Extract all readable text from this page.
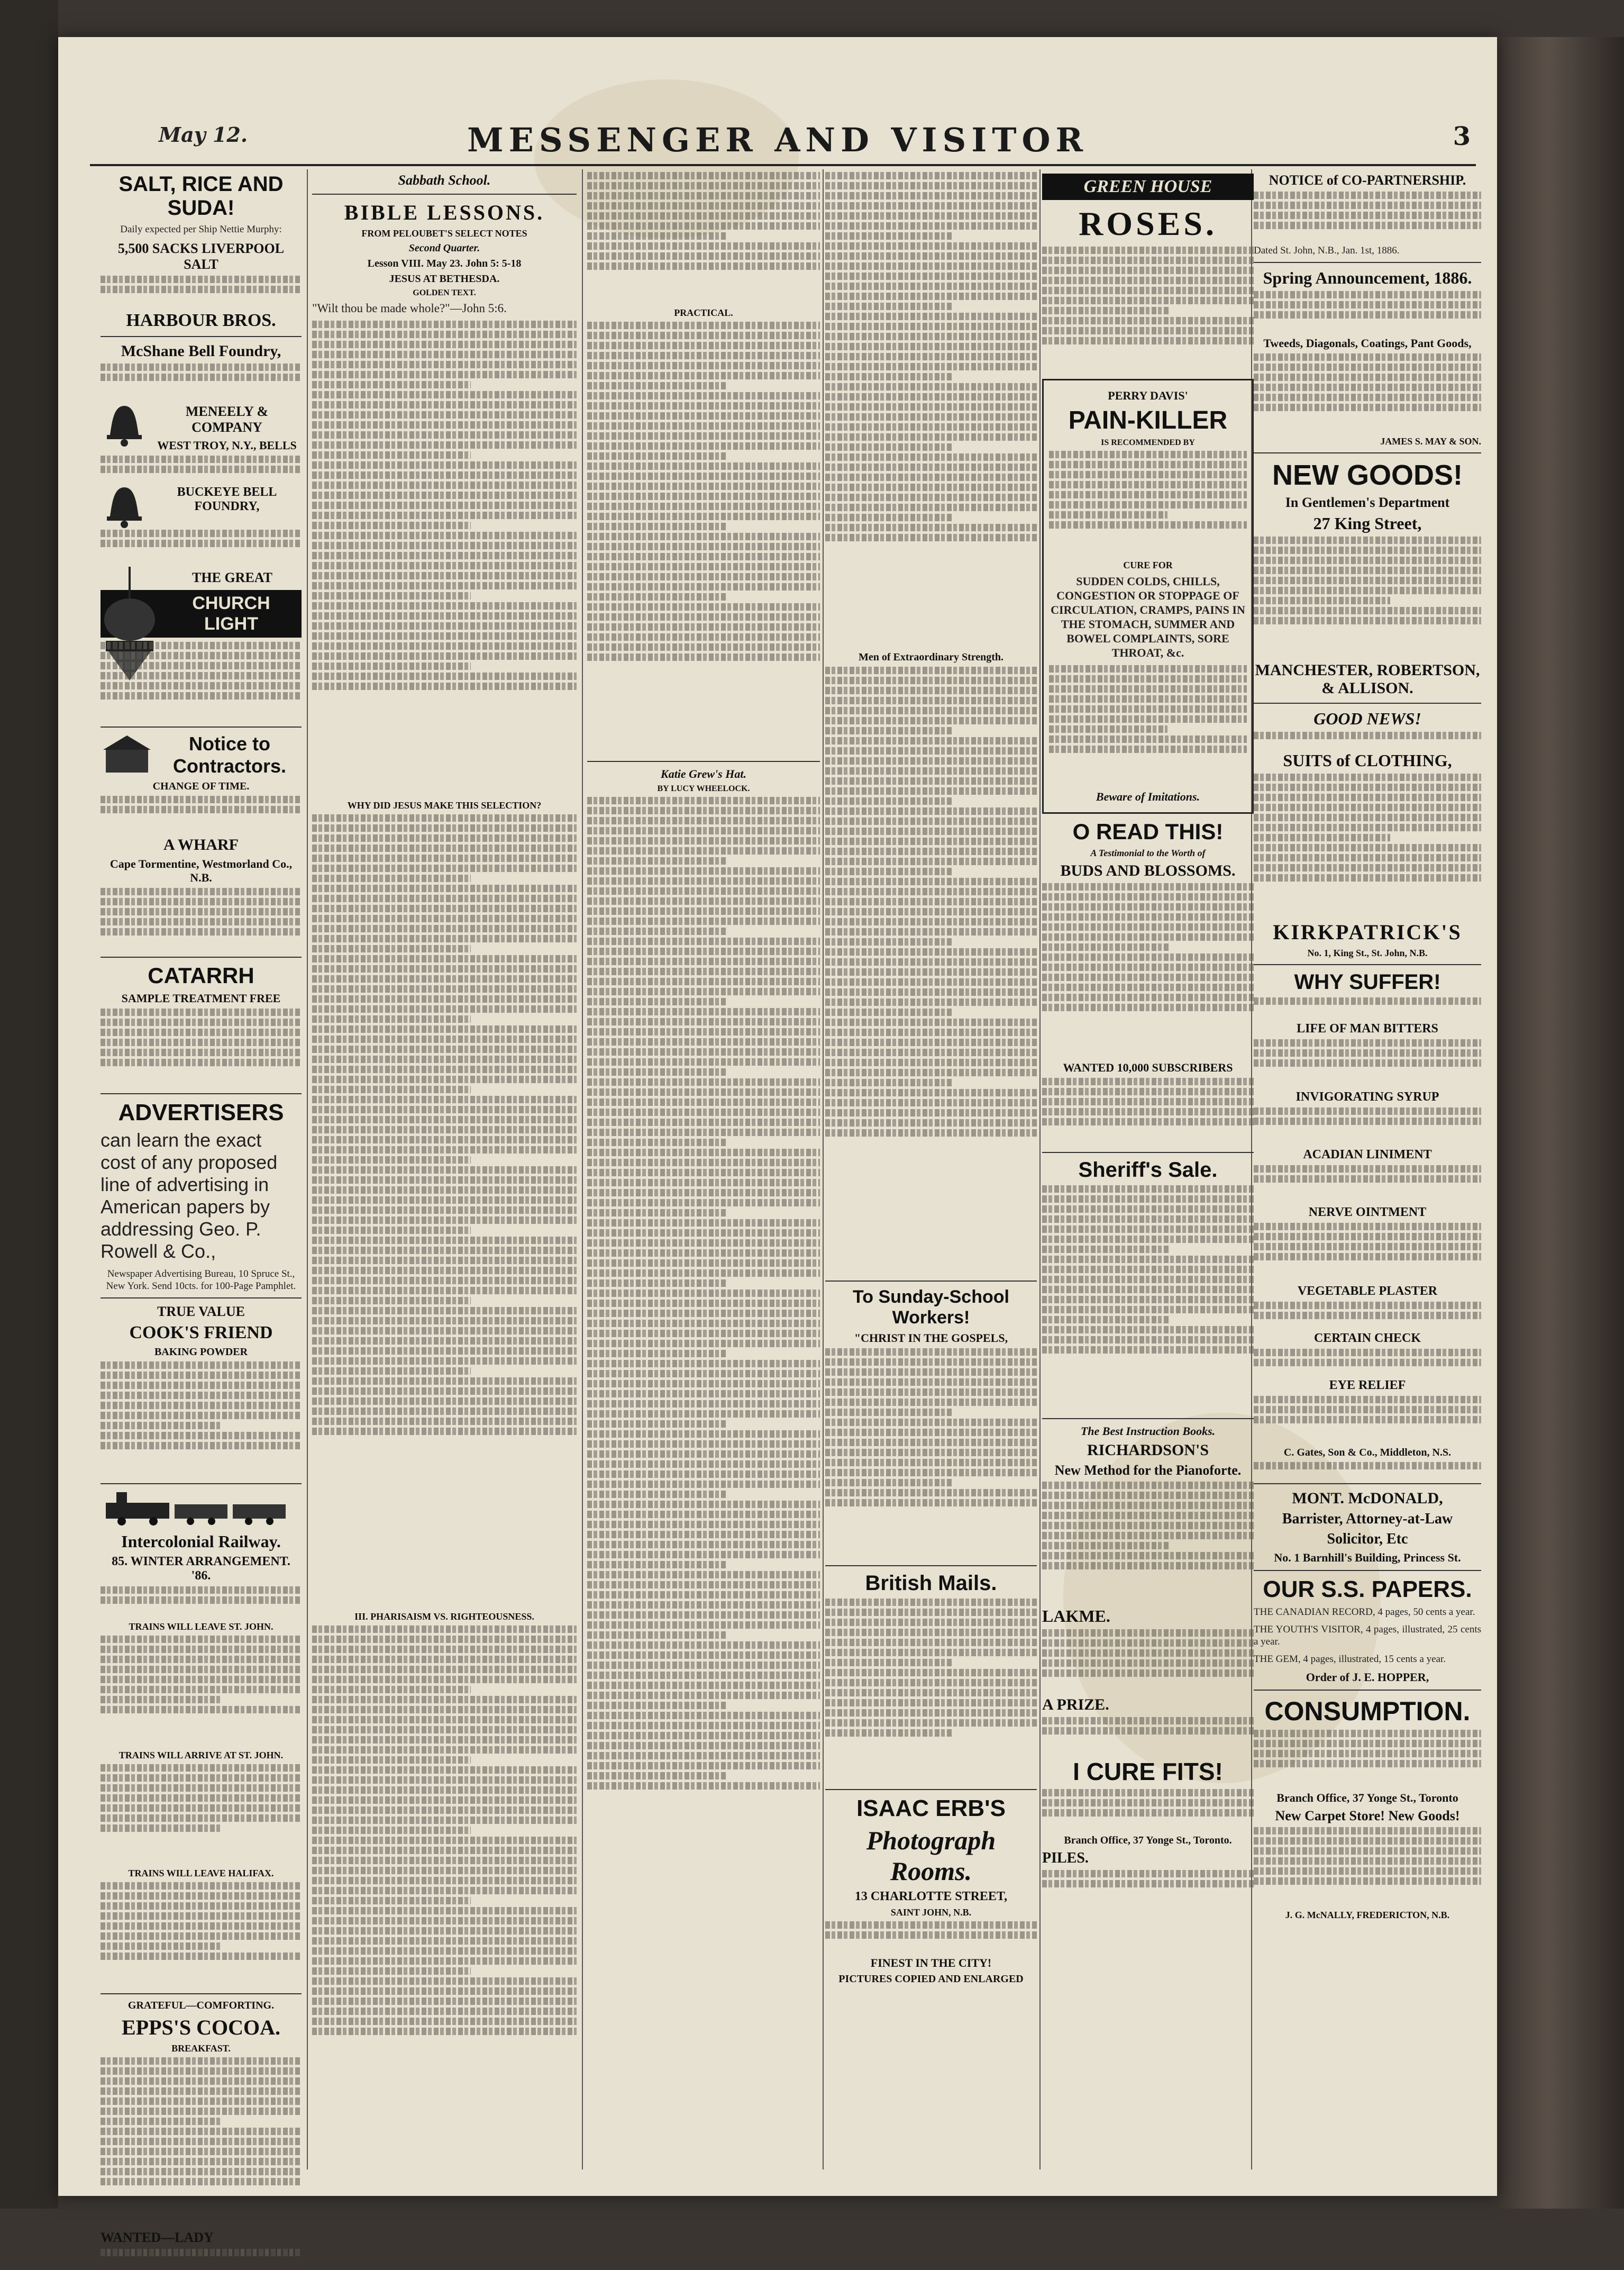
May 12.	MESSENGER AND VISITOR	3
SALT, RICE AND SUDA!
Daily expected per Ship Nettie Murphy:
5,500 SACKS LIVERPOOL SALT
HARBOUR BROS.
McShane Bell Foundry,
MENEELY & COMPANY
WEST TROY, N.Y., BELLS
BUCKEYE BELL FOUNDRY,
THE GREAT
CHURCH LIGHT
Notice to Contractors.
CHANGE OF TIME.
A WHARF
Cape Tormentine, Westmorland Co., N.B.
CATARRH
SAMPLE TREATMENT FREE
ADVERTISERS
can learn the exact cost of any proposed line of advertising in American papers by addressing Geo. P. Rowell & Co.,
Newspaper Advertising Bureau, 10 Spruce St., New York. Send 10cts. for 100-Page Pamphlet.
TRUE VALUE
COOK'S FRIEND
BAKING POWDER
Intercolonial Railway.
85. WINTER ARRANGEMENT. '86.
TRAINS WILL LEAVE ST. JOHN.
TRAINS WILL ARRIVE AT ST. JOHN.
TRAINS WILL LEAVE HALIFAX.
GRATEFUL—COMFORTING.
EPPS'S COCOA.
BREAKFAST.
WANTED—LADY
Sabbath School.
BIBLE LESSONS.
FROM PELOUBET'S SELECT NOTES
Second Quarter.
Lesson VIII. May 23. John 5: 5-18
JESUS AT BETHESDA.
GOLDEN TEXT.
"Wilt thou be made whole?"—John 5:6.
WHY DID JESUS MAKE THIS SELECTION?
III. PHARISAISM VS. RIGHTEOUSNESS.
PRACTICAL.
Katie Grew's Hat.
BY LUCY WHEELOCK.
Men of Extraordinary Strength.
To Sunday-School Workers!
"CHRIST IN THE GOSPELS,
British Mails.
ISAAC ERB'S
Photograph Rooms.
13 CHARLOTTE STREET,
SAINT JOHN, N.B.
FINEST IN THE CITY!
PICTURES COPIED AND ENLARGED
GREEN HOUSE
ROSES.
PERRY DAVIS'
PAIN-KILLER
IS RECOMMENDED BY
CURE FOR
SUDDEN COLDS, CHILLS, CONGESTION OR STOPPAGE OF CIRCULATION, CRAMPS, PAINS IN THE STOMACH, SUMMER AND BOWEL COMPLAINTS, SORE THROAT, &c.
Beware of Imitations.
O READ THIS!
A Testimonial to the Worth of
BUDS AND BLOSSOMS.
WANTED 10,000 SUBSCRIBERS
Sheriff's Sale.
The Best Instruction Books.
RICHARDSON'S
New Method for the Pianoforte.
LAKME.
A PRIZE.
I CURE FITS!
Branch Office, 37 Yonge St., Toronto.
PILES.
NOTICE of CO-PARTNERSHIP.
Dated St. John, N.B., Jan. 1st, 1886.
Spring Announcement, 1886.
Tweeds, Diagonals, Coatings, Pant Goods,
JAMES S. MAY & SON.
NEW GOODS!
In Gentlemen's Department
27 King Street,
MANCHESTER, ROBERTSON, & ALLISON.
GOOD NEWS!
SUITS of CLOTHING,
KIRKPATRICK'S
No. 1, King St., St. John, N.B.
WHY SUFFER!
LIFE OF MAN BITTERS
INVIGORATING SYRUP
ACADIAN LINIMENT
NERVE OINTMENT
VEGETABLE PLASTER
CERTAIN CHECK
EYE RELIEF
C. Gates, Son & Co., Middleton, N.S.
MONT. McDONALD,
Barrister, Attorney-at-Law
Solicitor, Etc
No. 1 Barnhill's Building, Princess St.
OUR S.S. PAPERS.
THE CANADIAN RECORD, 4 pages, 50 cents a year.
THE YOUTH'S VISITOR, 4 pages, illustrated, 25 cents a year.
THE GEM, 4 pages, illustrated, 15 cents a year.
Order of J. E. HOPPER,
CONSUMPTION.
Branch Office, 37 Yonge St., Toronto
New Carpet Store! New Goods!
J. G. McNALLY, FREDERICTON, N.B.
